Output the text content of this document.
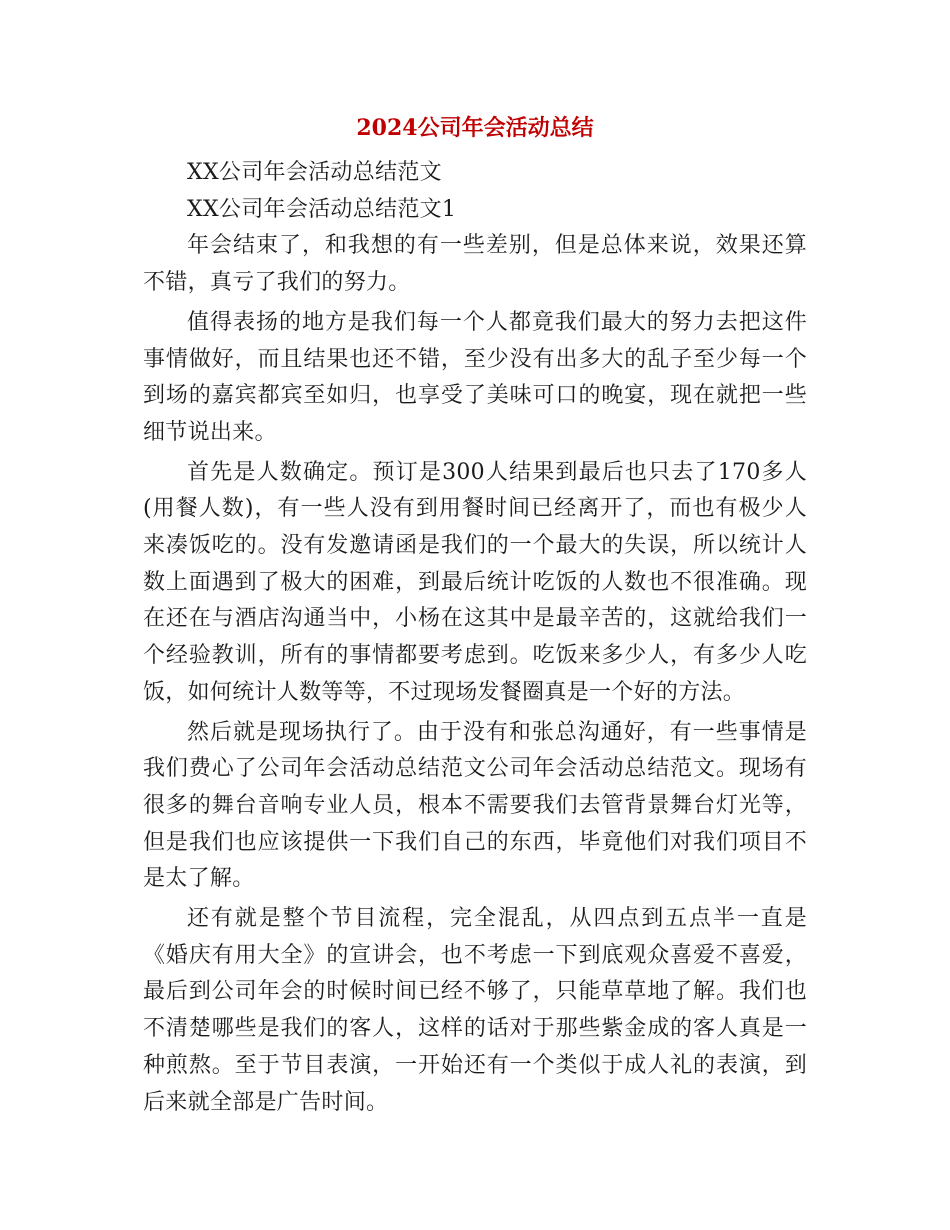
2024公司年会活动总结

XX公司年会活动总结范文

XX公司年会活动总结范文1

年会结束了，和我想的有一些差别，但是总体来说，效果还算不错，真亏了我们的努力。

值得表扬的地方是我们每一个人都竟我们最大的努力去把这件事情做好，而且结果也还不错，至少没有出多大的乱子至少每一个到场的嘉宾都宾至如归，也享受了美味可口的晚宴，现在就把一些细节说出来。

首先是人数确定。预订是300人结果到最后也只去了170多人(用餐人数)，有一些人没有到用餐时间已经离开了，而也有极少人来凑饭吃的。没有发邀请函是我们的一个最大的失误，所以统计人数上面遇到了极大的困难，到最后统计吃饭的人数也不很准确。现在还在与酒店沟通当中，小杨在这其中是最辛苦的，这就给我们一个经验教训，所有的事情都要考虑到。吃饭来多少人，有多少人吃饭，如何统计人数等等，不过现场发餐圈真是一个好的方法。

然后就是现场执行了。由于没有和张总沟通好，有一些事情是我们费心了公司年会活动总结范文公司年会活动总结范文。现场有很多的舞台音响专业人员，根本不需要我们去管背景舞台灯光等，但是我们也应该提供一下我们自己的东西，毕竟他们对我们项目不是太了解。

还有就是整个节目流程，完全混乱，从四点到五点半一直是《婚庆有用大全》的宣讲会，也不考虑一下到底观众喜爱不喜爱，最后到公司年会的时候时间已经不够了，只能草草地了解。我们也不清楚哪些是我们的客人，这样的话对于那些紫金成的客人真是一种煎熬。至于节目表演，一开始还有一个类似于成人礼的表演，到后来就全部是广告时间。
